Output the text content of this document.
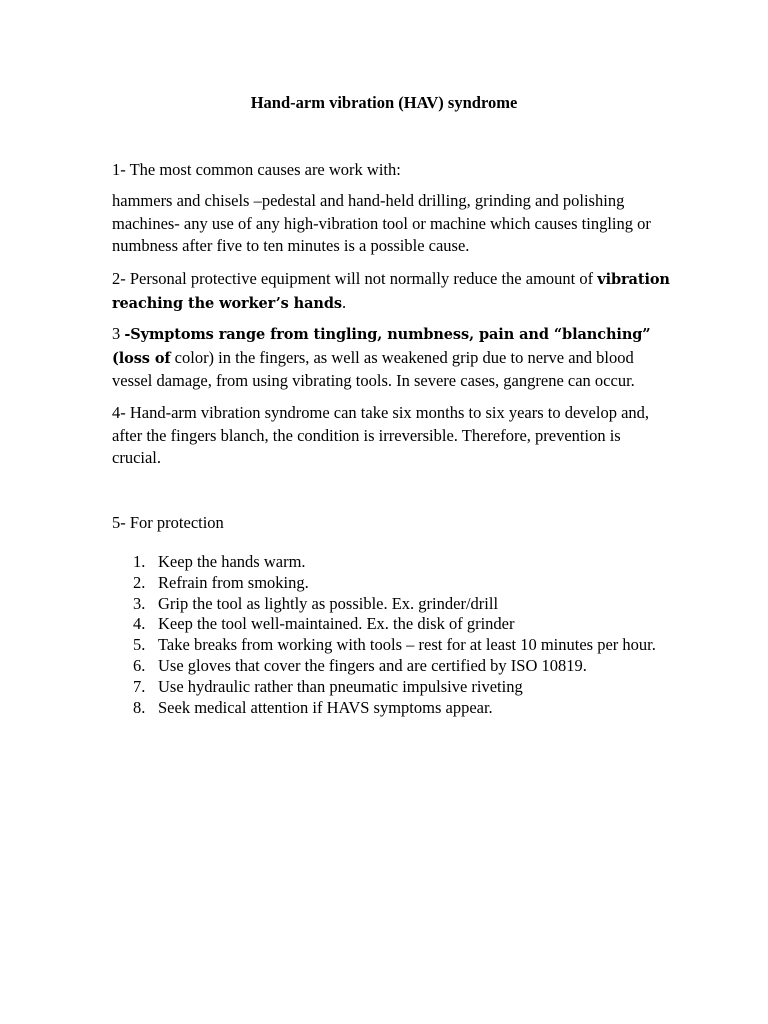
Hand-arm vibration (HAV) syndrome

1- The most common causes are work with:

hammers and chisels –pedestal and hand-held drilling, grinding and polishing machines- any use of any high-vibration tool or machine which causes tingling or numbness after five to ten minutes is a possible cause.

2- Personal protective equipment will not normally reduce the amount of vibration reaching the worker’s hands.

3 -Symptoms range from tingling, numbness, pain and “blanching” (loss of color) in the fingers, as well as weakened grip due to nerve and blood vessel damage, from using vibrating tools. In severe cases, gangrene can occur.

4- Hand-arm vibration syndrome can take six months to six years to develop and, after the fingers blanch, the condition is irreversible. Therefore, prevention is crucial.

5- For protection

1. Keep the hands warm.
2. Refrain from smoking.
3. Grip the tool as lightly as possible. Ex. grinder/drill
4. Keep the tool well-maintained. Ex. the disk of grinder
5. Take breaks from working with tools – rest for at least 10 minutes per hour.
6. Use gloves that cover the fingers and are certified by ISO 10819.
7. Use hydraulic rather than pneumatic impulsive riveting
8. Seek medical attention if HAVS symptoms appear.
